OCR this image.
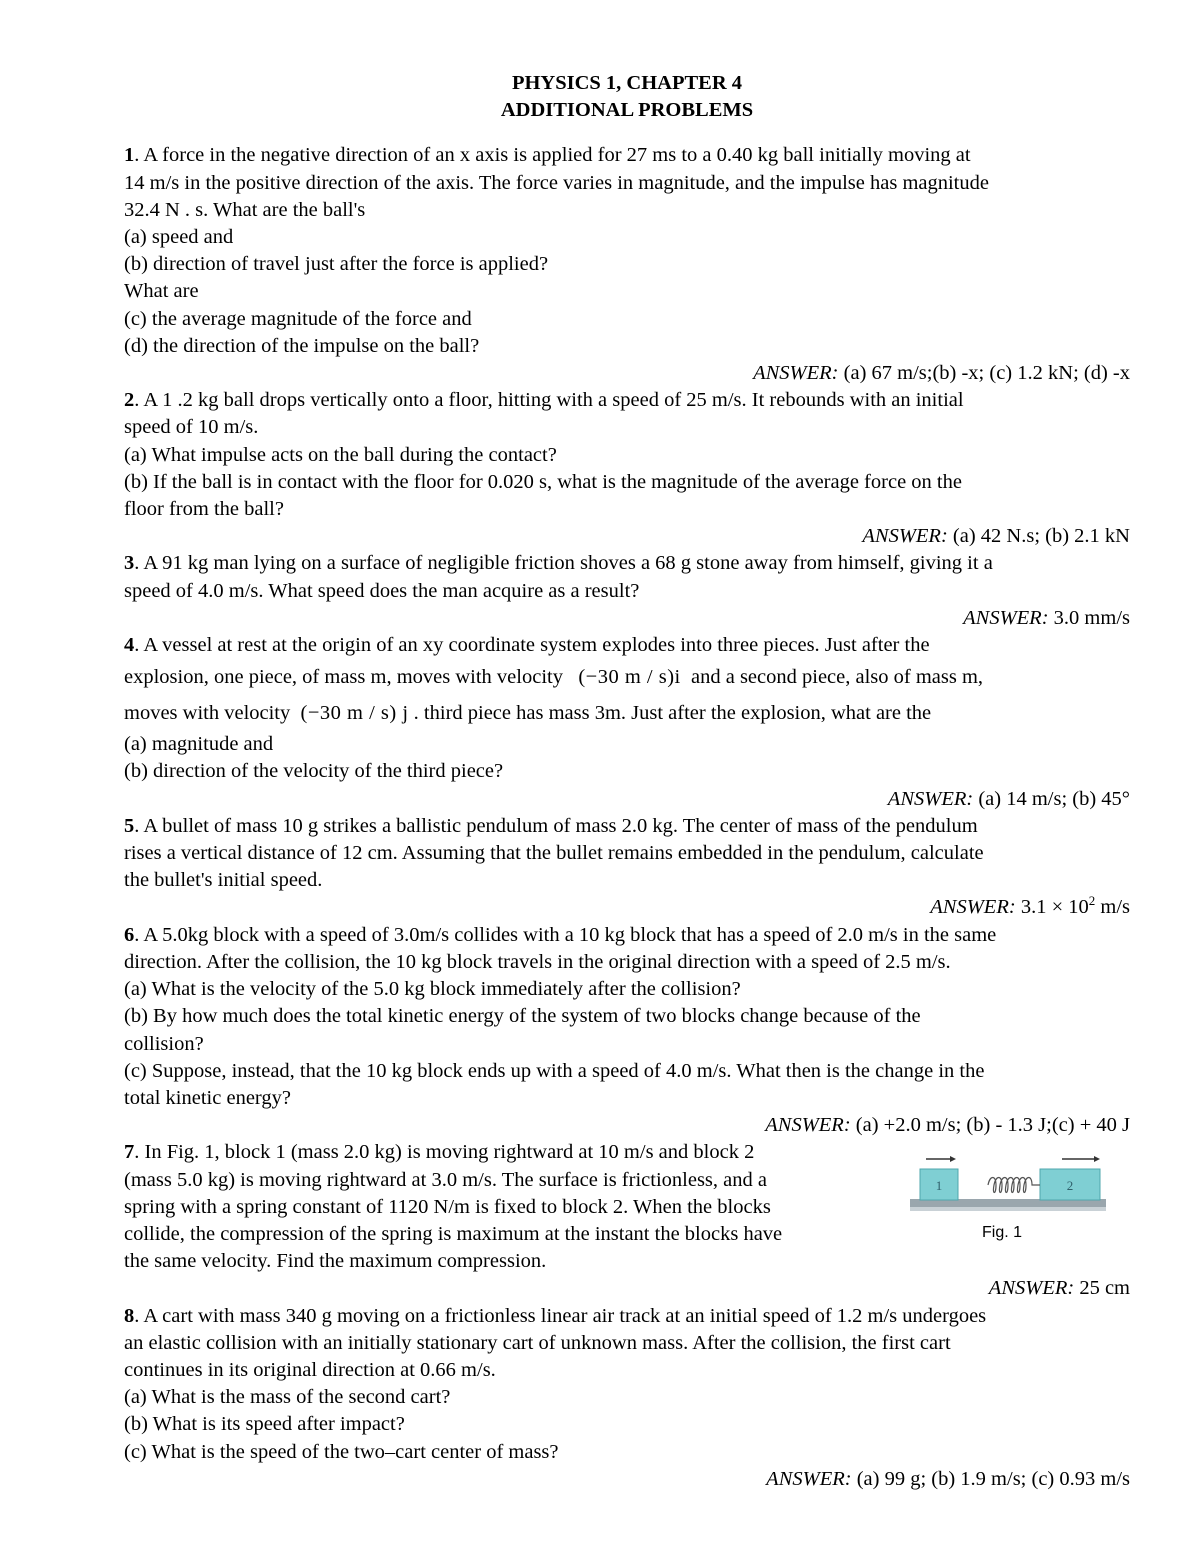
PHYSICS 1, CHAPTER 4
ADDITIONAL PROBLEMS
1. A force in the negative direction of an x axis is applied for 27 ms to a 0.40 kg ball initially moving at
14 m/s in the positive direction of the axis. The force varies in magnitude, and the impulse has magnitude
32.4 N . s. What are the ball's
(a) speed and
(b) direction of travel just after the force is applied?
What are
(c) the average magnitude of the force and
(d) the direction of the impulse on the ball?
ANSWER: (a) 67 m/s;(b) -x; (c) 1.2 kN; (d) -x
2. A 1 .2 kg ball drops vertically onto a floor, hitting with a speed of 25 m/s. It rebounds with an initial
speed of 10 m/s.
(a) What impulse acts on the ball during the contact?
(b) If the ball is in contact with the floor for 0.020 s, what is the magnitude of the average force on the
floor from the ball?
ANSWER: (a) 42 N.s; (b) 2.1 kN
3. A 91 kg man lying on a surface of negligible friction shoves a 68 g stone away from himself, giving it a
speed of 4.0 m/s. What speed does the man acquire as a result?
ANSWER: 3.0 mm/s
4. A vessel at rest at the origin of an xy coordinate system explodes into three pieces. Just after the
explosion, one piece, of mass m, moves with velocity (−30 m / s)i and a second piece, also of mass m,
moves with velocity (−30 m / s) j . third piece has mass 3m. Just after the explosion, what are the
(a) magnitude and
(b) direction of the velocity of the third piece?
ANSWER: (a) 14 m/s; (b) 45°
5. A bullet of mass 10 g strikes a ballistic pendulum of mass 2.0 kg. The center of mass of the pendulum
rises a vertical distance of 12 cm. Assuming that the bullet remains embedded in the pendulum, calculate
the bullet's initial speed.
ANSWER: $3.1 \times 10^2$ m/s
6. A 5.0kg block with a speed of 3.0m/s collides with a 10 kg block that has a speed of 2.0 m/s in the same
direction. After the collision, the 10 kg block travels in the original direction with a speed of 2.5 m/s.
(a) What is the velocity of the 5.0 kg block immediately after the collision?
(b) By how much does the total kinetic energy of the system of two blocks change because of the
collision?
(c) Suppose, instead, that the 10 kg block ends up with a speed of 4.0 m/s. What then is the change in the
total kinetic energy?
ANSWER: (a) +2.0 m/s; (b) - 1.3 J;(c) + 40 J
7. In Fig. 1, block 1 (mass 2.0 kg) is moving rightward at 10 m/s and block 2
(mass 5.0 kg) is moving rightward at 3.0 m/s. The surface is frictionless, and a
spring with a spring constant of 1120 N/m is fixed to block 2. When the blocks
collide, the compression of the spring is maximum at the instant the blocks have
the same velocity. Find the maximum compression.
ANSWER: 25 cm
1	2
Fig. 1
8. A cart with mass 340 g moving on a frictionless linear air track at an initial speed of 1.2 m/s undergoes
an elastic collision with an initially stationary cart of unknown mass. After the collision, the first cart
continues in its original direction at 0.66 m/s.
(a) What is the mass of the second cart?
(b) What is its speed after impact?
(c) What is the speed of the two–cart center of mass?
ANSWER: (a) 99 g; (b) 1.9 m/s; (c) 0.93 m/s
